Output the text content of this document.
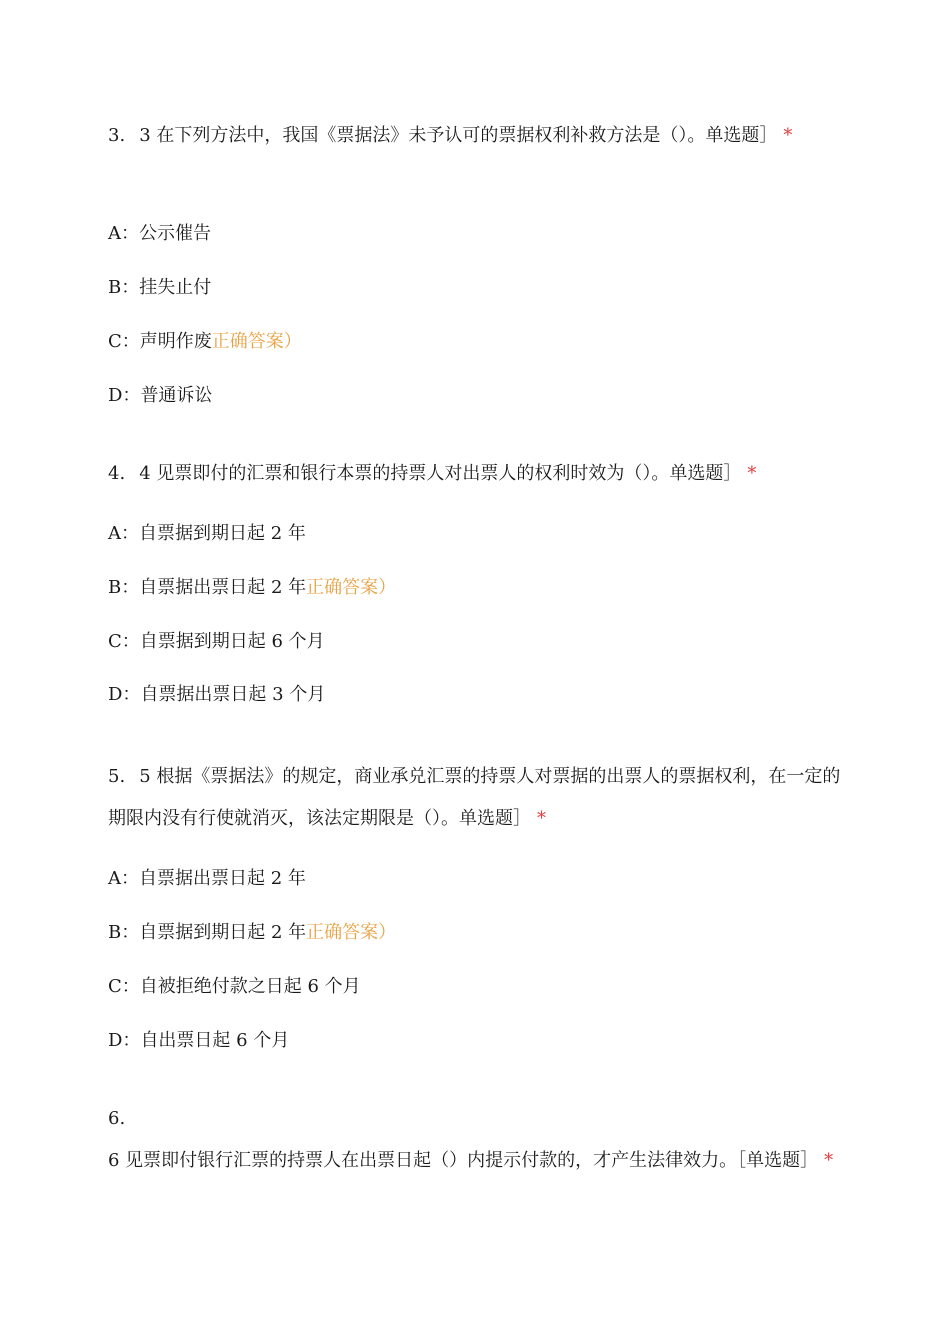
3. 3 在下列方法中，我国《票据法》未予认可的票据权利补救方法是（）。单选题］ *
A：公示催告
B：挂失止付
C：声明作废正确答案）
D：普通诉讼
4. 4 见票即付的汇票和银行本票的持票人对出票人的权利时效为（）。单选题］ *
A：自票据到期日起 2 年
B：自票据出票日起 2 年正确答案）
C：自票据到期日起 6 个月
D：自票据出票日起 3 个月
5. 5 根据《票据法》的规定，商业承兑汇票的持票人对票据的出票人的票据权利，在一定的期限内没有行使就消灭，该法定期限是（）。单选题］ *
A：自票据出票日起 2 年
B：自票据到期日起 2 年正确答案）
C：自被拒绝付款之日起 6 个月
D：自出票日起 6 个月
6.6 见票即付银行汇票的持票人在出票日起（）内提示付款的，才产生法律效力。［单选题］ *
